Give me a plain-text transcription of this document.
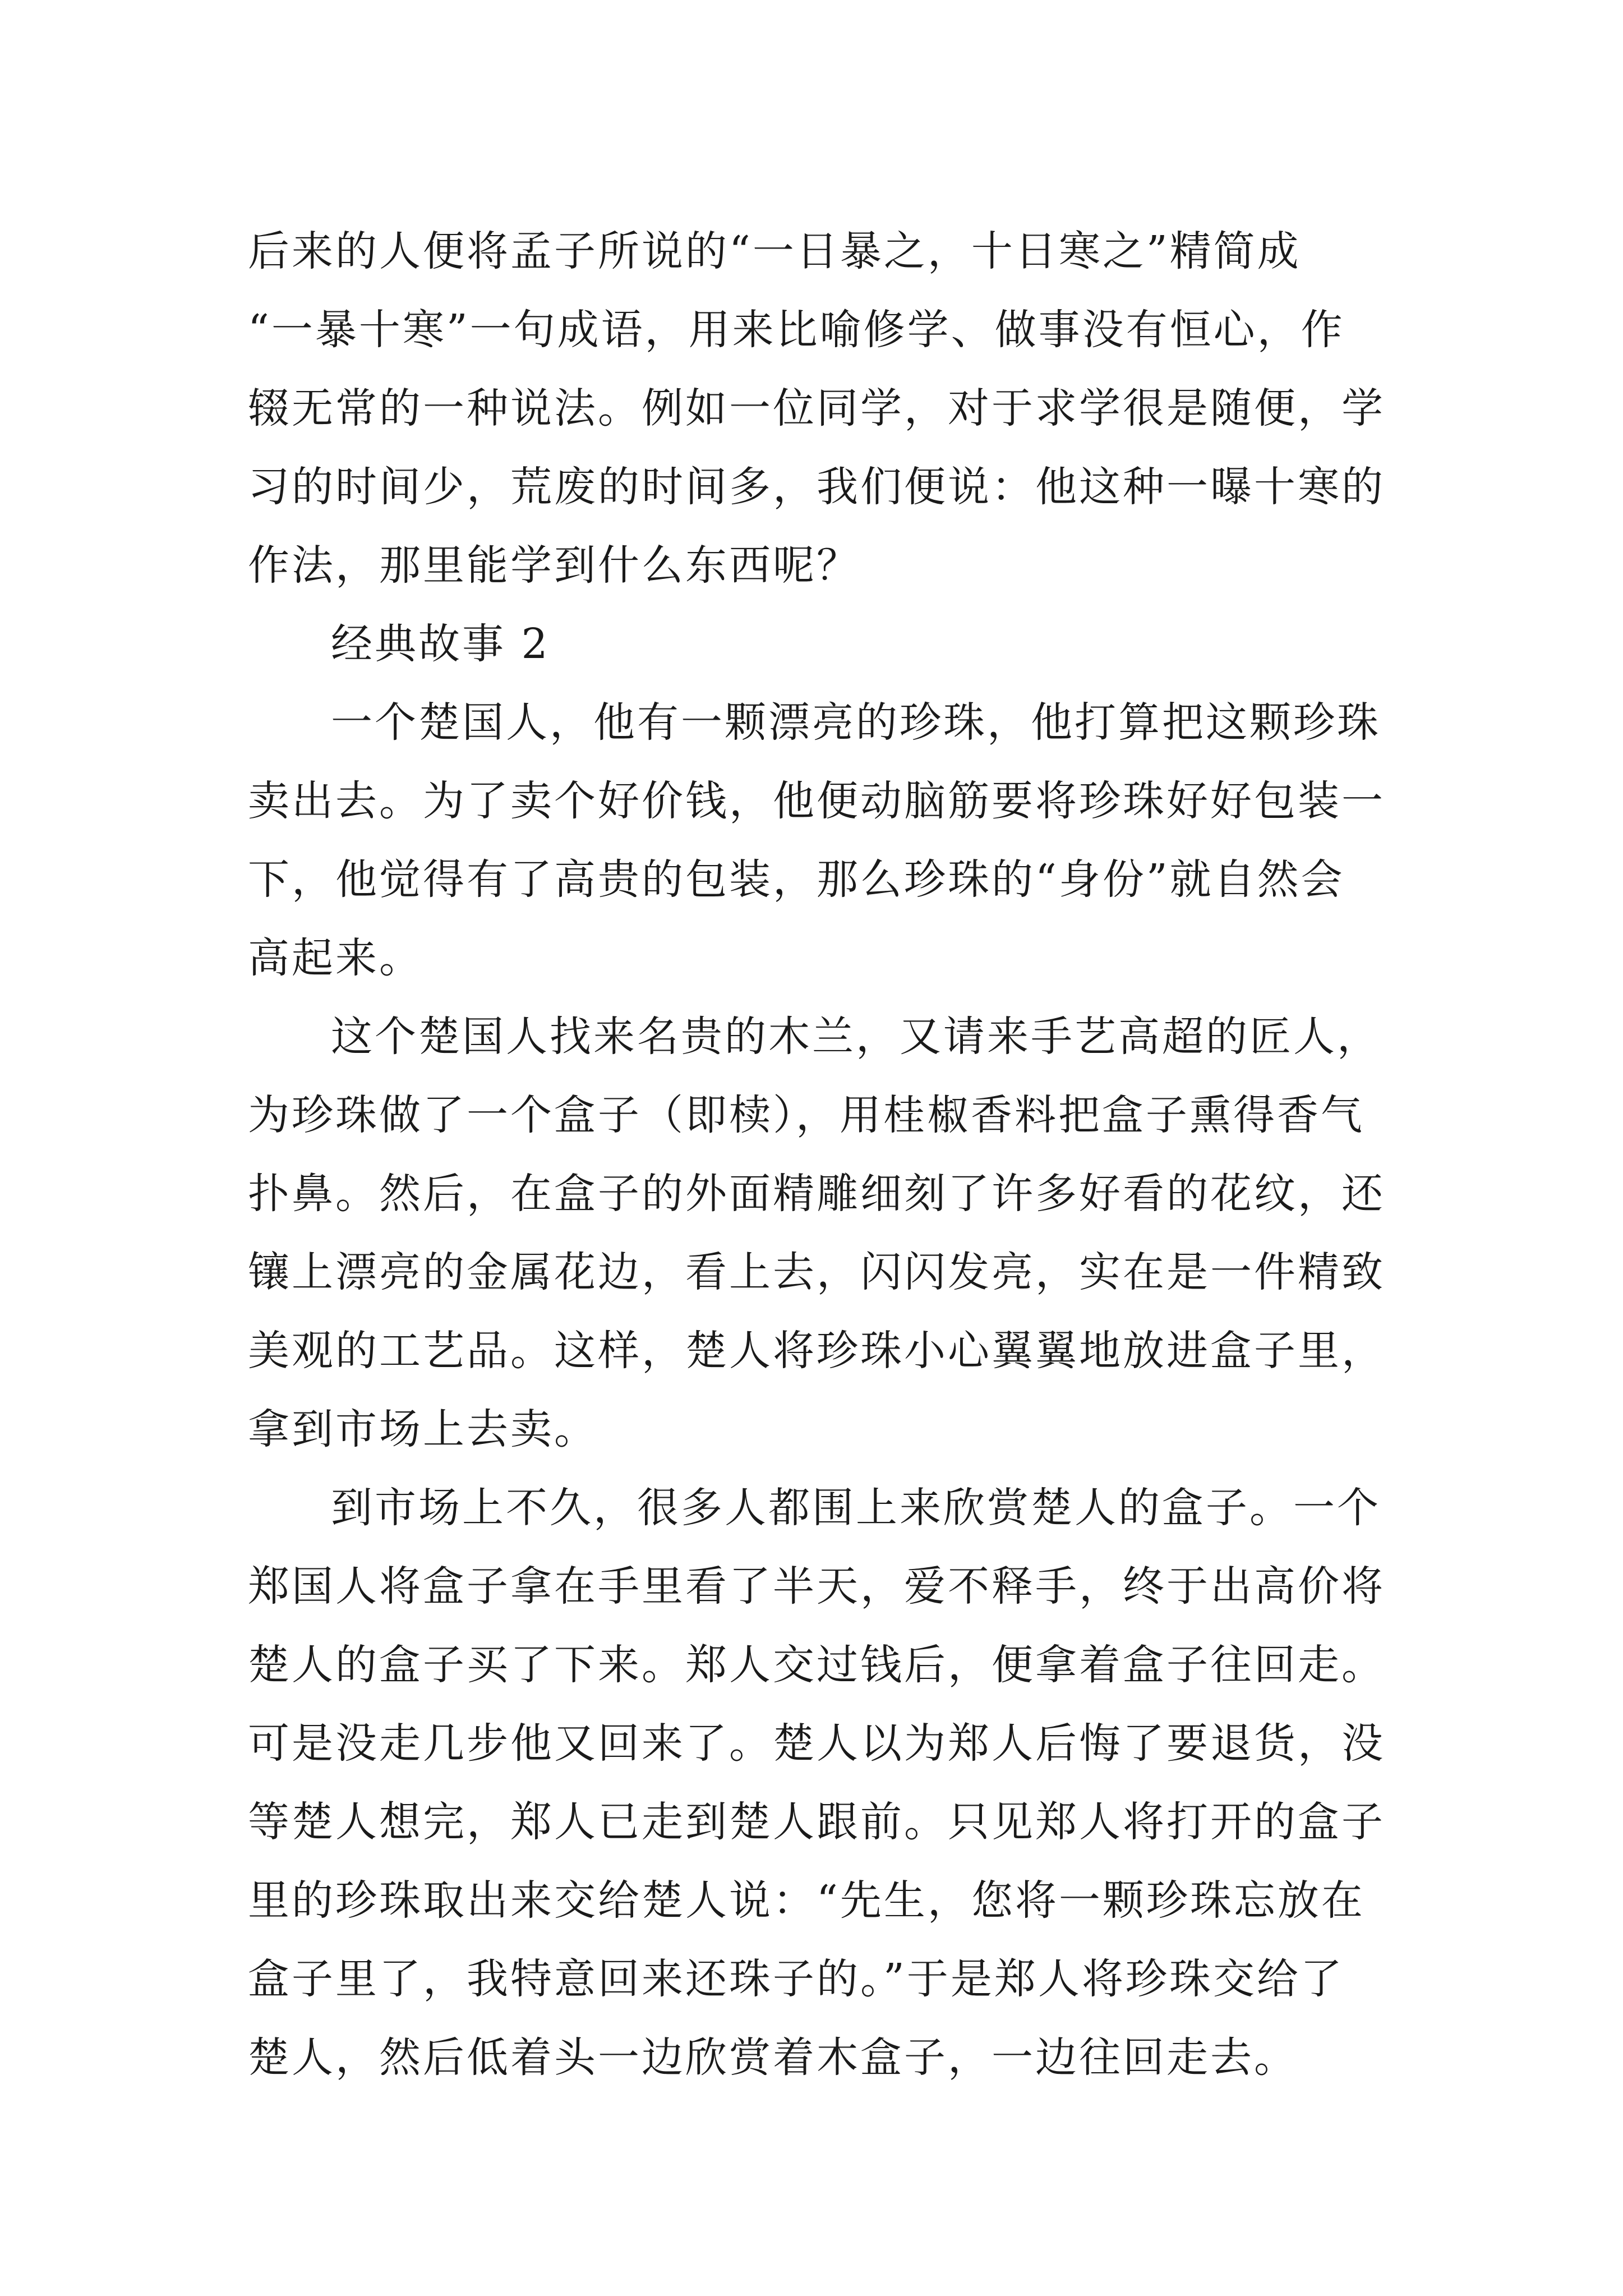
后来的人便将孟子所说的“一日暴之，十日寒之”精简成
“一暴十寒”一句成语，用来比喻修学、做事没有恒心，作
辍无常的一种说法。例如一位同学，对于求学很是随便，学
习的时间少，荒废的时间多，我们便说：他这种一曝十寒的
作法，那里能学到什么东西呢？
经典故事 2
一个楚国人，他有一颗漂亮的珍珠，他打算把这颗珍珠
卖出去。为了卖个好价钱，他便动脑筋要将珍珠好好包装一
下，他觉得有了高贵的包装，那么珍珠的“身份”就自然会
高起来。
这个楚国人找来名贵的木兰，又请来手艺高超的匠人，
为珍珠做了一个盒子（即椟），用桂椒香料把盒子熏得香气
扑鼻。然后，在盒子的外面精雕细刻了许多好看的花纹，还
镶上漂亮的金属花边，看上去，闪闪发亮，实在是一件精致
美观的工艺品。这样，楚人将珍珠小心翼翼地放进盒子里，
拿到市场上去卖。
到市场上不久，很多人都围上来欣赏楚人的盒子。一个
郑国人将盒子拿在手里看了半天，爱不释手，终于出高价将
楚人的盒子买了下来。郑人交过钱后，便拿着盒子往回走。
可是没走几步他又回来了。楚人以为郑人后悔了要退货，没
等楚人想完，郑人已走到楚人跟前。只见郑人将打开的盒子
里的珍珠取出来交给楚人说：“先生，您将一颗珍珠忘放在
盒子里了，我特意回来还珠子的。”于是郑人将珍珠交给了
楚人，然后低着头一边欣赏着木盒子，一边往回走去。
